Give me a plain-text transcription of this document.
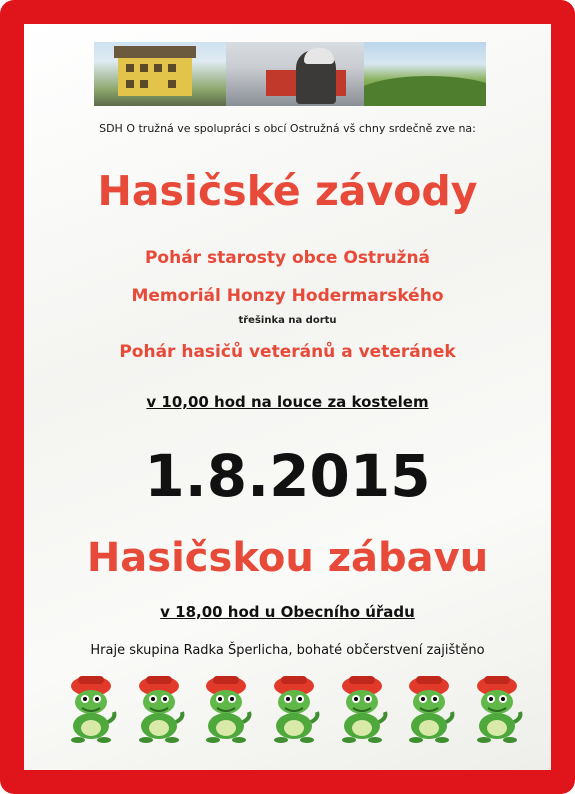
SDH O tružná ve spolupráci s obcí Ostružná vš chny srdečně zve na:
Hasičské závody
Pohár starosty obce Ostružná
Memoriál Honzy Hodermarského
třešinka na dortu
Pohár hasičů veteránů a veteránek
v 10,00 hod na louce za kostelem
1.8.2015
Hasičskou zábavu
v 18,00 hod u Obecního úřadu
Hraje skupina Radka Šperlicha, bohaté občerstvení zajištěno
